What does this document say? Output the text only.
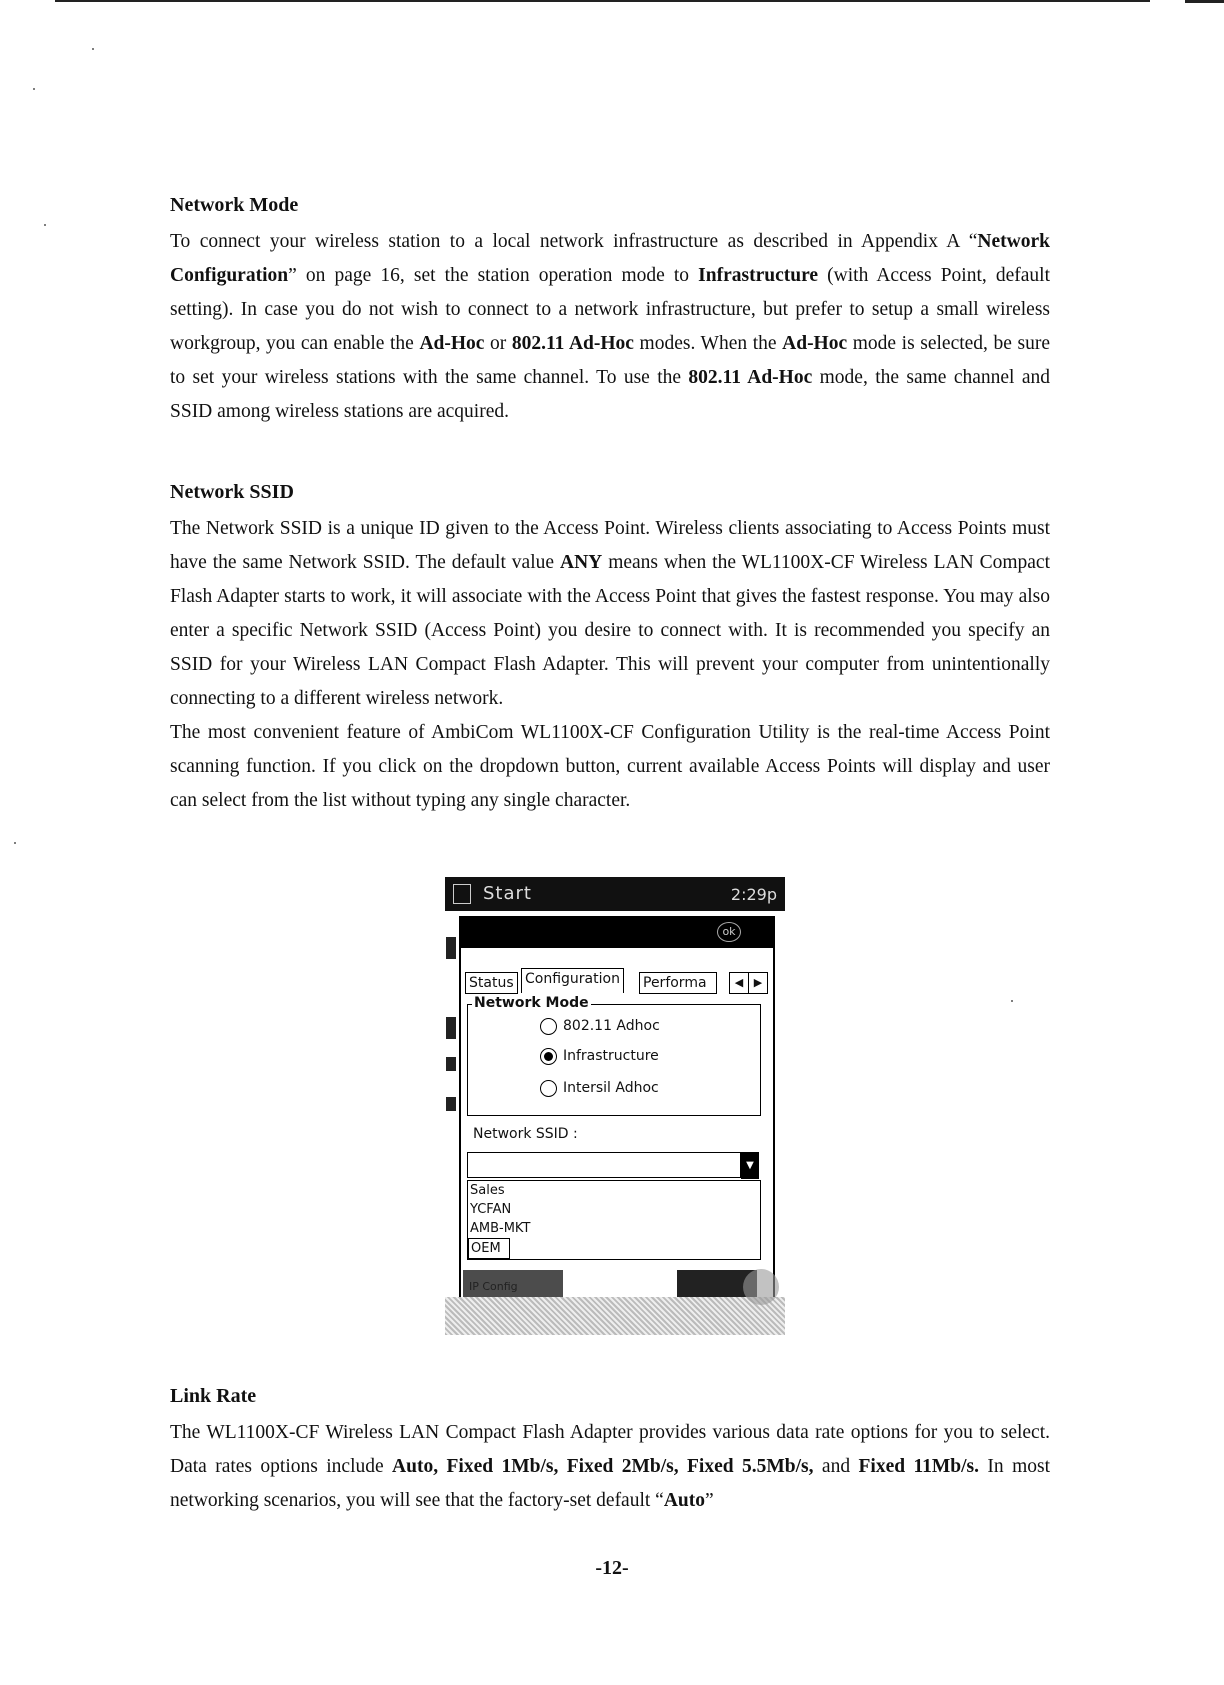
Network Mode

To connect your wireless station to a local network infrastructure as described in Appendix A “Network Configuration” on page 16, set the station operation mode to Infrastructure (with Access Point, default setting). In case you do not wish to connect to a network infrastructure, but prefer to setup a small wireless workgroup, you can enable the Ad-Hoc or 802.11 Ad-Hoc modes. When the Ad-Hoc mode is selected, be sure to set your wireless stations with the same channel. To use the 802.11 Ad-Hoc mode, the same channel and SSID among wireless stations are acquired.

Network SSID

The Network SSID is a unique ID given to the Access Point. Wireless clients associating to Access Points must have the same Network SSID. The default value ANY means when the WL1100X-CF Wireless LAN Compact Flash Adapter starts to work, it will associate with the Access Point that gives the fastest response. You may also enter a specific Network SSID (Access Point) you desire to connect with. It is recommended you specify an SSID for your Wireless LAN Compact Flash Adapter. This will prevent your computer from unintentionally connecting to a different wireless network.

The most convenient feature of AmbiCom WL1100X-CF Configuration Utility is the real-time Access Point scanning function. If you click on the dropdown button, current available Access Points will display and user can select from the list without typing any single character.

Start	2:29p
ok
Status Configuration Performa	◀ ▶
Network Mode
802.11 Adhoc
Infrastructure
Intersil Adhoc
Network SSID :
▼
Sales
YCFAN
AMB-MKT
OEM
IP Config
Link Rate

The WL1100X-CF Wireless LAN Compact Flash Adapter provides various data rate options for you to select. Data rates options include Auto, Fixed 1Mb/s, Fixed 2Mb/s, Fixed 5.5Mb/s, and Fixed 11Mb/s. In most networking scenarios, you will see that the factory-set default “Auto”

-12-
